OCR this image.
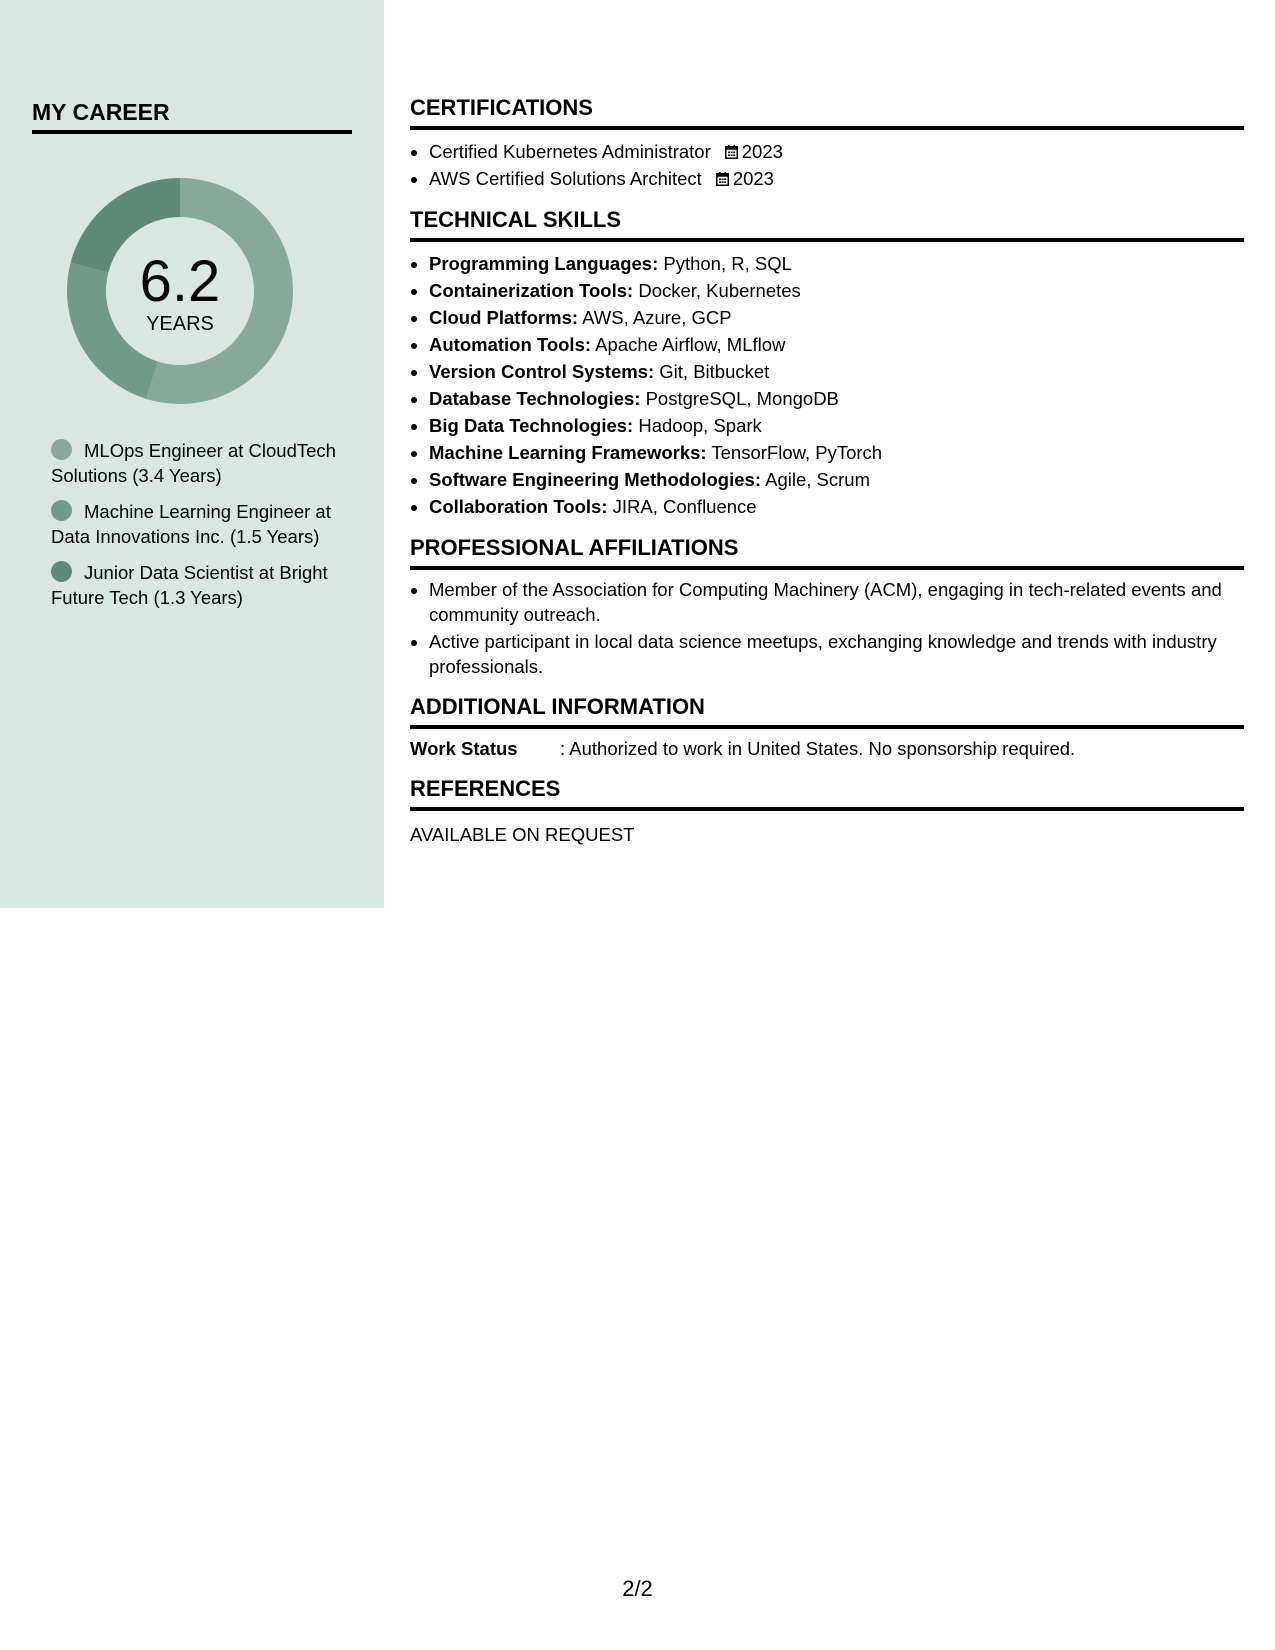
MY CAREER
6.2
YEARS
MLOps Engineer at CloudTech Solutions (3.4 Years)
Machine Learning Engineer at Data Innovations Inc. (1.5 Years)
Junior Data Scientist at Bright Future Tech (1.3 Years)
CERTIFICATIONS
• Certified Kubernetes Administrator 2023
• AWS Certified Solutions Architect 2023
TECHNICAL SKILLS
• Programming Languages: Python, R, SQL
• Containerization Tools: Docker, Kubernetes
• Cloud Platforms: AWS, Azure, GCP
• Automation Tools: Apache Airflow, MLflow
• Version Control Systems: Git, Bitbucket
• Database Technologies: PostgreSQL, MongoDB
• Big Data Technologies: Hadoop, Spark
• Machine Learning Frameworks: TensorFlow, PyTorch
• Software Engineering Methodologies: Agile, Scrum
• Collaboration Tools: JIRA, Confluence
PROFESSIONAL AFFILIATIONS
• Member of the Association for Computing Machinery (ACM), engaging in tech-related events and community outreach.
• Active participant in local data science meetups, exchanging knowledge and trends with industry professionals.
ADDITIONAL INFORMATION
Work Status : Authorized to work in United States. No sponsorship required.
REFERENCES
AVAILABLE ON REQUEST
2/2
